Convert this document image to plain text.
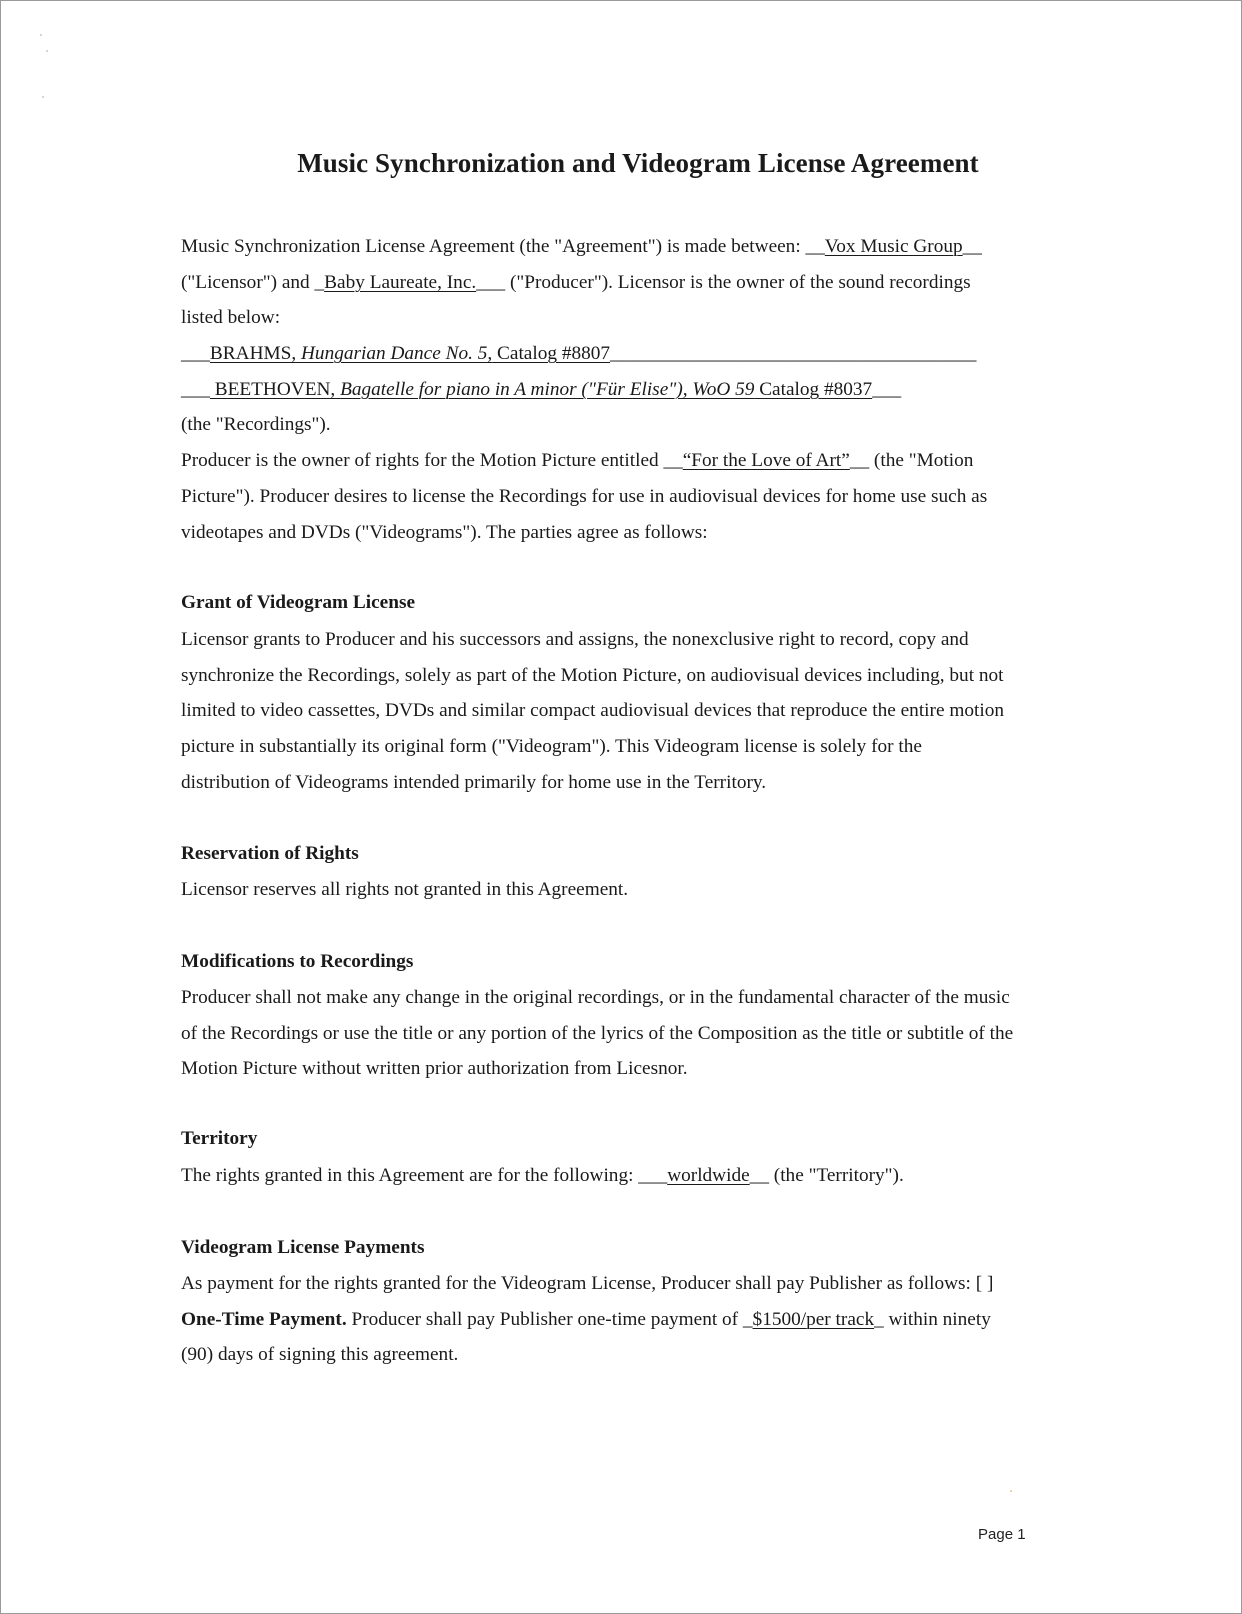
Music Synchronization and Videogram License Agreement
Music Synchronization License Agreement (the "Agreement") is made between: __Vox Music Group__
("Licensor") and _Baby Laureate, Inc.___ ("Producer"). Licensor is the owner of the sound recordings
listed below:
___BRAHMS, Hungarian Dance No. 5, Catalog #8807______________________________________
___ BEETHOVEN, Bagatelle for piano in A minor ("Für Elise"), WoO 59 Catalog #8037___
(the "Recordings").
Producer is the owner of rights for the Motion Picture entitled __“For the Love of Art”__ (the "Motion
Picture"). Producer desires to license the Recordings for use in audiovisual devices for home use such as
videotapes and DVDs ("Videograms"). The parties agree as follows:
Grant of Videogram License
Licensor grants to Producer and his successors and assigns, the nonexclusive right to record, copy and
synchronize the Recordings, solely as part of the Motion Picture, on audiovisual devices including, but not
limited to video cassettes, DVDs and similar compact audiovisual devices that reproduce the entire motion
picture in substantially its original form ("Videogram"). This Videogram license is solely for the
distribution of Videograms intended primarily for home use in the Territory.
Reservation of Rights
Licensor reserves all rights not granted in this Agreement.
Modifications to Recordings
Producer shall not make any change in the original recordings, or in the fundamental character of the music
of the Recordings or use the title or any portion of the lyrics of the Composition as the title or subtitle of the
Motion Picture without written prior authorization from Licesnor.
Territory
The rights granted in this Agreement are for the following: ___worldwide__ (the "Territory").
Videogram License Payments
As payment for the rights granted for the Videogram License, Producer shall pay Publisher as follows: [ ]
One-Time Payment. Producer shall pay Publisher one-time payment of _$1500/per track_ within ninety
(90) days of signing this agreement.
Page 1
